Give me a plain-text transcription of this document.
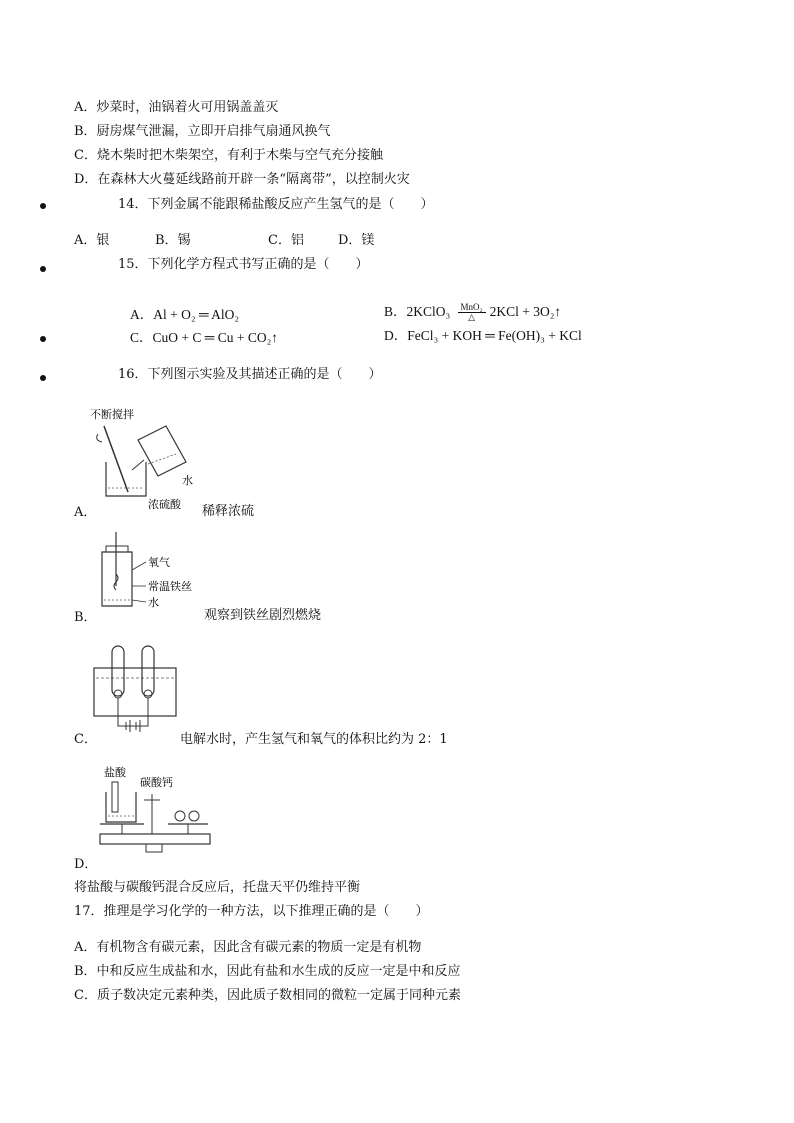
A．炒菜时，油锅着火可用锅盖盖灭
B．厨房煤气泄漏，立即开启排气扇通风换气
C．烧木柴时把木柴架空，有利于木柴与空气充分接触
D．在森林大火蔓延线路前开辟一条“隔离带”，以控制火灾
14．下列金属不能跟稀盐酸反应产生氢气的是（　　）
A．银	B．锡	C．铝	D．镁
15．下列化学方程式书写正确的是（　　）
A．Al + O₂ ═ AlO₂	B．2KClO₃	MnO₂
△	2KCl + 3O₂↑
C．CuO + C ═ Cu + CO₂↑	D．FeCl₃ + KOH ═ Fe(OH)₃ + KCl
16．下列图示实验及其描述正确的是（　　）
不断搅拌
水
浓硫酸
A．	稀释浓硫
氧气
常温铁丝
水
B．	观察到铁丝剧烈燃烧
C．	电解水时，产生氢气和氧气的体积比约为 2：1
盐酸
碳酸钙
D．
将盐酸与碳酸钙混合反应后，托盘天平仍维持平衡
17．推理是学习化学的一种方法，以下推理正确的是（　　）
A．有机物含有碳元素，因此含有碳元素的物质一定是有机物
B．中和反应生成盐和水，因此有盐和水生成的反应一定是中和反应
C．质子数决定元素种类，因此质子数相同的微粒一定属于同种元素
